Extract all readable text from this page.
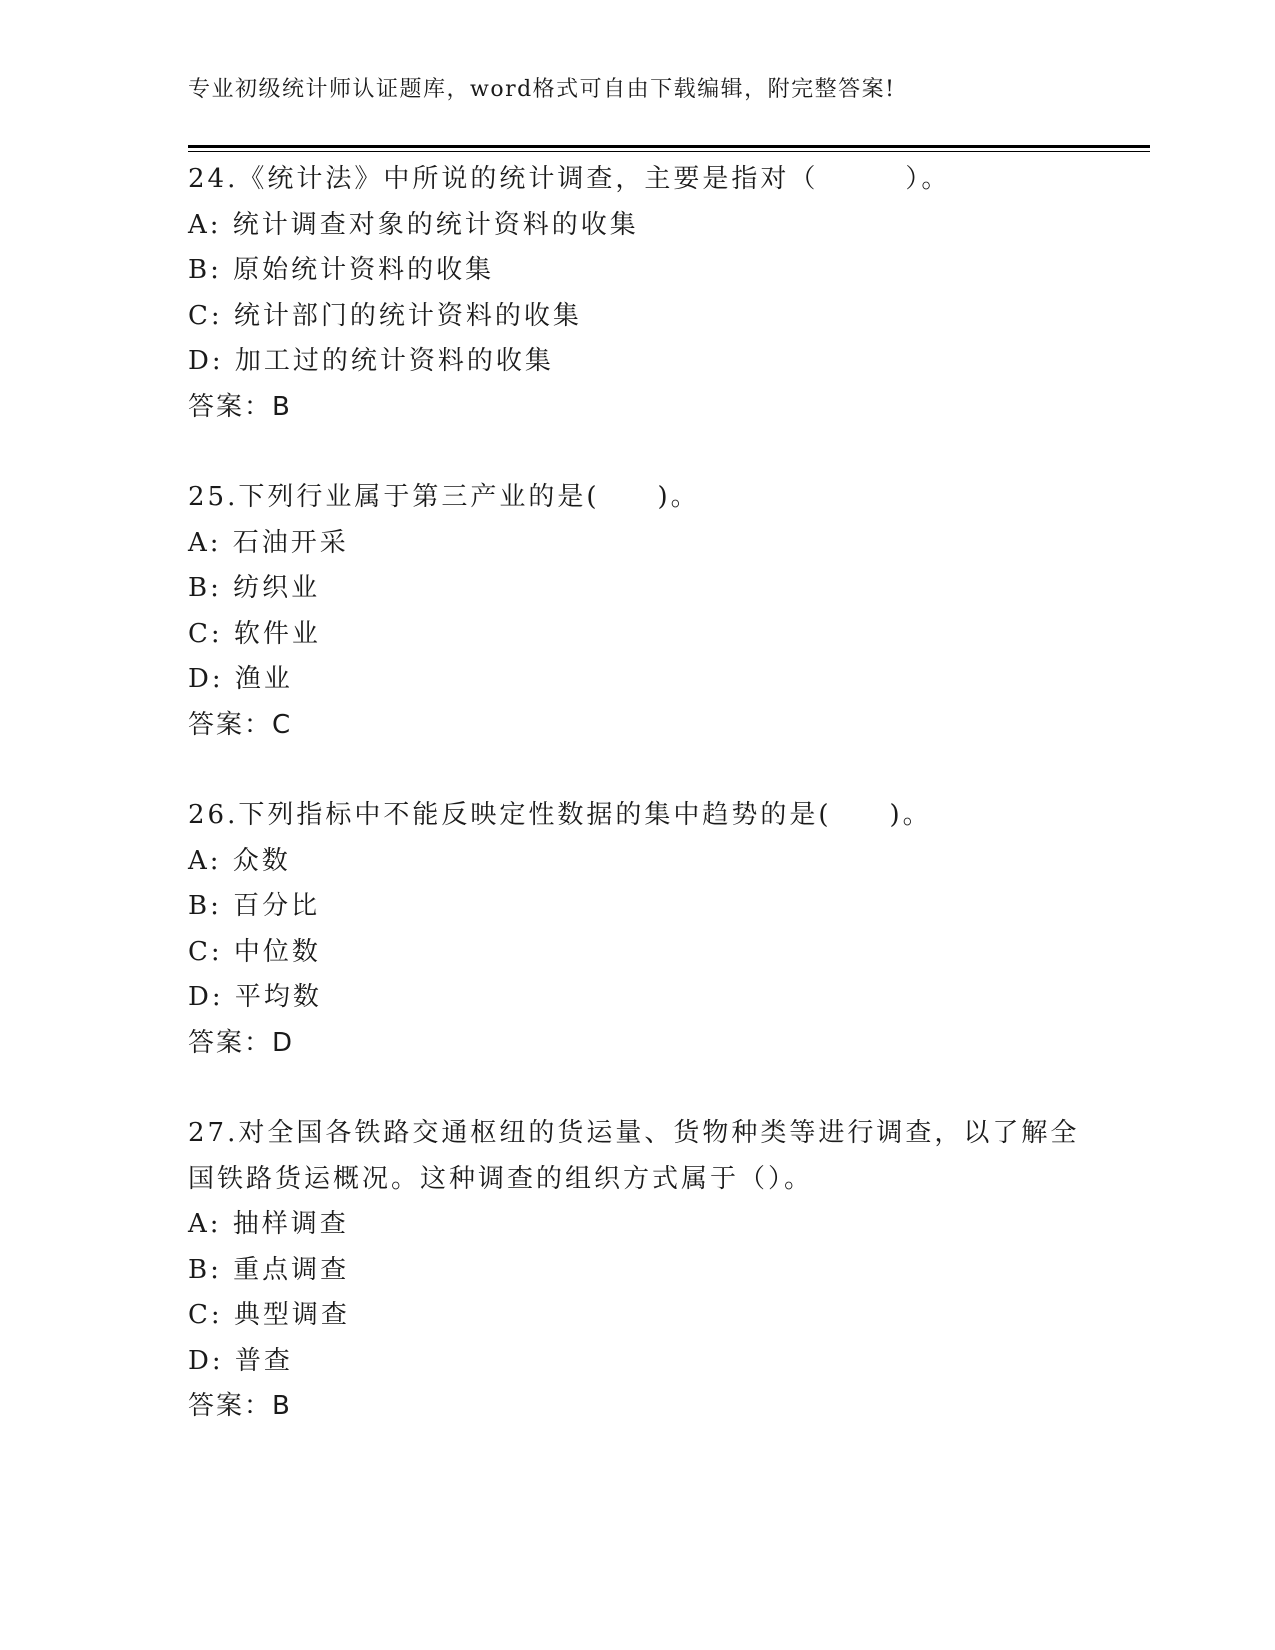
专业初级统计师认证题库，word格式可自由下载编辑，附完整答案!
24.《统计法》中所说的统计调查，主要是指对（　　　）。
A: 统计调查对象的统计资料的收集
B: 原始统计资料的收集
C: 统计部门的统计资料的收集
D: 加工过的统计资料的收集
答案：B
25.下列行业属于第三产业的是(　　)。
A: 石油开采
B: 纺织业
C: 软件业
D: 渔业
答案：C
26.下列指标中不能反映定性数据的集中趋势的是(　　)。
A: 众数
B: 百分比
C: 中位数
D: 平均数
答案：D
27.对全国各铁路交通枢纽的货运量、货物种类等进行调查，以了解全
国铁路货运概况。这种调查的组织方式属于（）。
A: 抽样调查
B: 重点调查
C: 典型调查
D: 普查
答案：B
